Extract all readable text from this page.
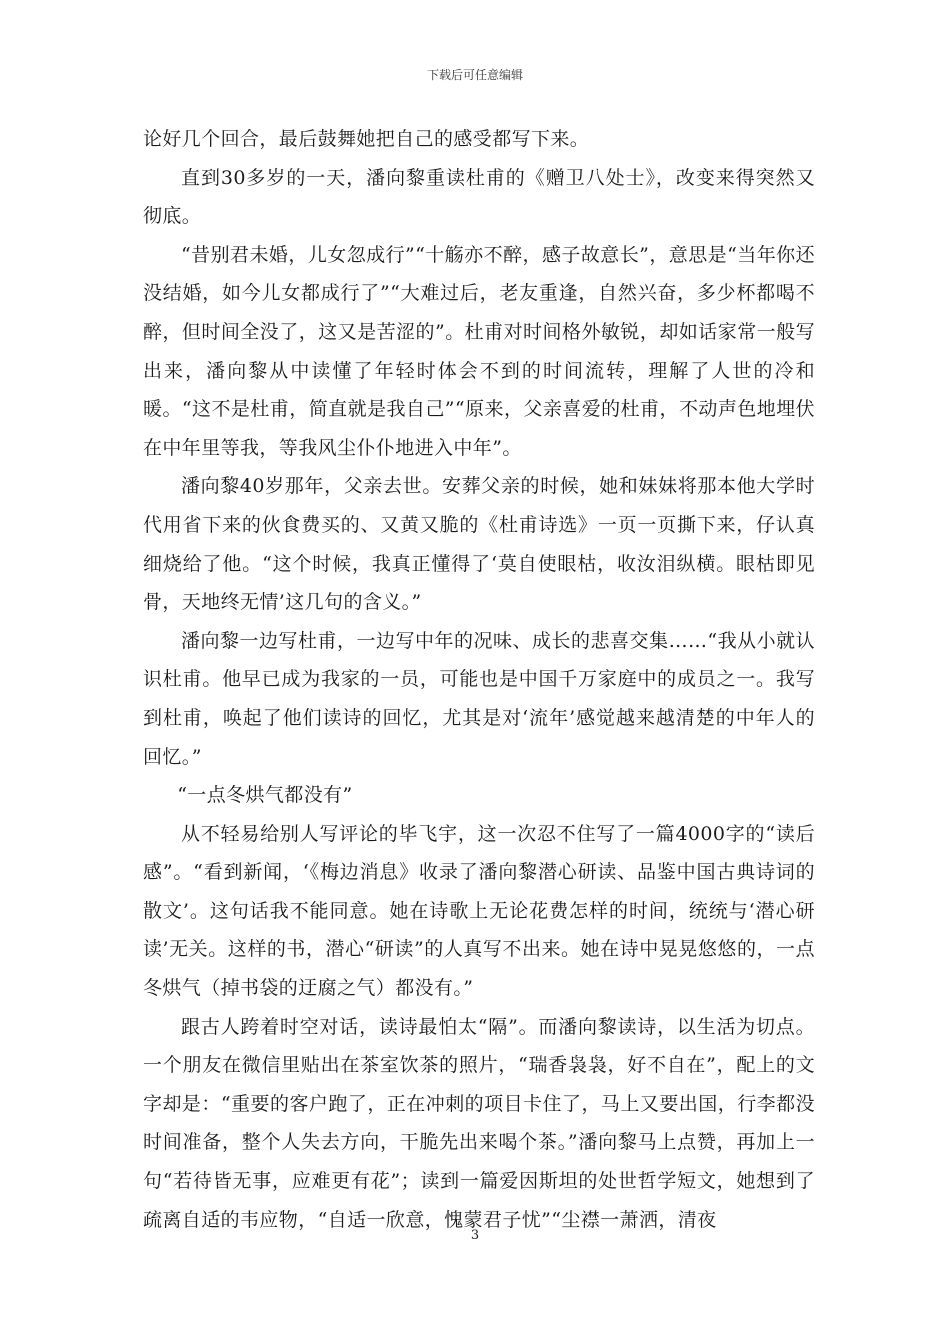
下载后可任意编辑

论好几个回合，最后鼓舞她把自己的感受都写下来。

直到30多岁的一天，潘向黎重读杜甫的《赠卫八处士》，改变来得突然又彻底。

“昔别君未婚，儿女忽成行”“十觞亦不醉，感子故意长”，意思是“当年你还没结婚，如今儿女都成行了”“大难过后，老友重逢，自然兴奋，多少杯都喝不醉，但时间全没了，这又是苦涩的”。杜甫对时间格外敏锐，却如话家常一般写出来，潘向黎从中读懂了年轻时体会不到的时间流转，理解了人世的冷和暖。“这不是杜甫，简直就是我自己”“原来，父亲喜爱的杜甫，不动声色地埋伏在中年里等我，等我风尘仆仆地进入中年”。

潘向黎40岁那年，父亲去世。安葬父亲的时候，她和妹妹将那本他大学时代用省下来的伙食费买的、又黄又脆的《杜甫诗选》一页一页撕下来，仔认真细烧给了他。“这个时候，我真正懂得了‘莫自使眼枯，收汝泪纵横。眼枯即见骨，天地终无情’这几句的含义。”

潘向黎一边写杜甫，一边写中年的况味、成长的悲喜交集……“我从小就认识杜甫。他早已成为我家的一员，可能也是中国千万家庭中的成员之一。我写到杜甫，唤起了他们读诗的回忆，尤其是对‘流年’感觉越来越清楚的中年人的回忆。”

“一点冬烘气都没有”

从不轻易给别人写评论的毕飞宇，这一次忍不住写了一篇4000字的“读后感”。“看到新闻，‘《梅边消息》收录了潘向黎潜心研读、品鉴中国古典诗词的散文’。这句话我不能同意。她在诗歌上无论花费怎样的时间，统统与‘潜心研读’无关。这样的书，潜心“研读”的人真写不出来。她在诗中晃晃悠悠的，一点冬烘气（掉书袋的迂腐之气）都没有。”

跟古人跨着时空对话，读诗最怕太“隔”。而潘向黎读诗，以生活为切点。一个朋友在微信里贴出在茶室饮茶的照片，“瑞香袅袅，好不自在”，配上的文字却是：“重要的客户跑了，正在冲刺的项目卡住了，马上又要出国，行李都没时间准备，整个人失去方向，干脆先出来喝个茶。”潘向黎马上点赞，再加上一句“若待皆无事，应难更有花”；读到一篇爱因斯坦的处世哲学短文，她想到了疏离自适的韦应物，“自适一欣意，愧蒙君子忧”“尘襟一萧洒，清夜

3
